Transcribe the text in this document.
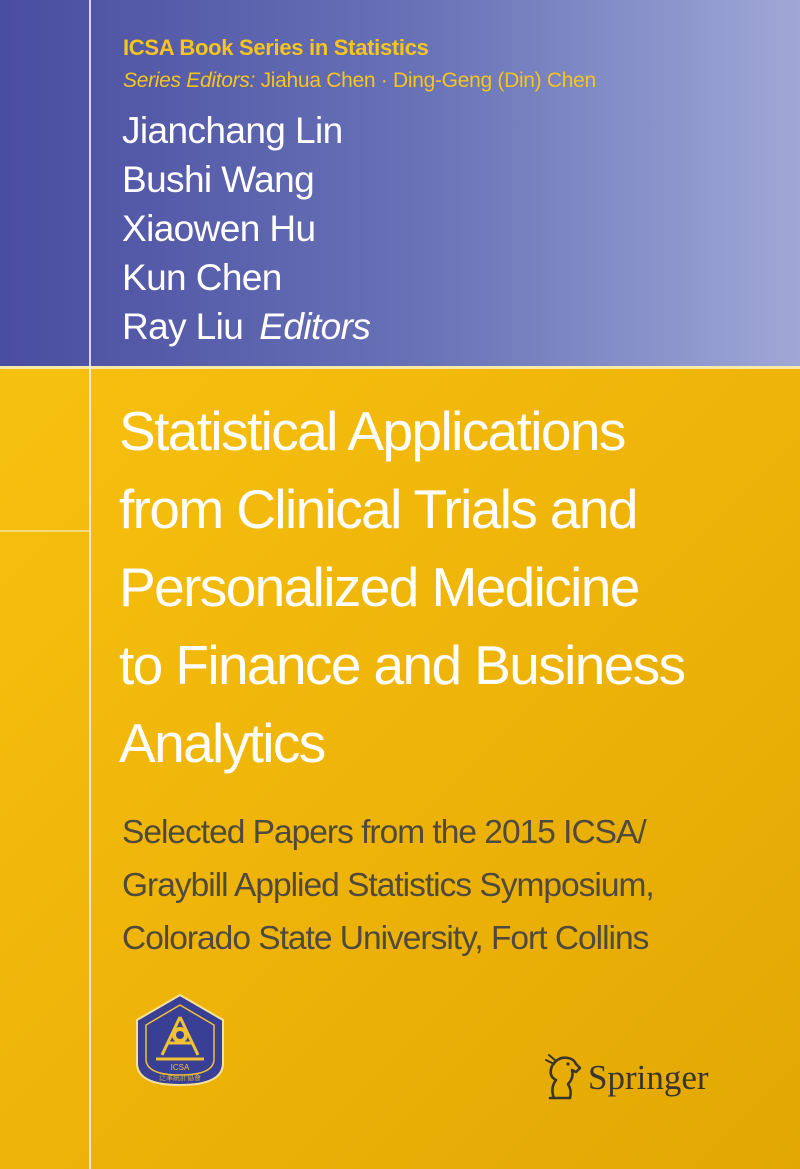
ICSA Book Series in Statistics
Series Editors: Jiahua Chen · Ding-Geng (Din) Chen
Jianchang Lin
Bushi Wang
Xiaowen Hu
Kun Chen
Ray Liu Editors
Statistical Applications
from Clinical Trials and
Personalized Medicine
to Finance and Business
Analytics
Selected Papers from the 2015 ICSA/
Graybill Applied Statistics Symposium,
Colorado State University, Fort Collins
ICSA
泛華統計協會	Springer
